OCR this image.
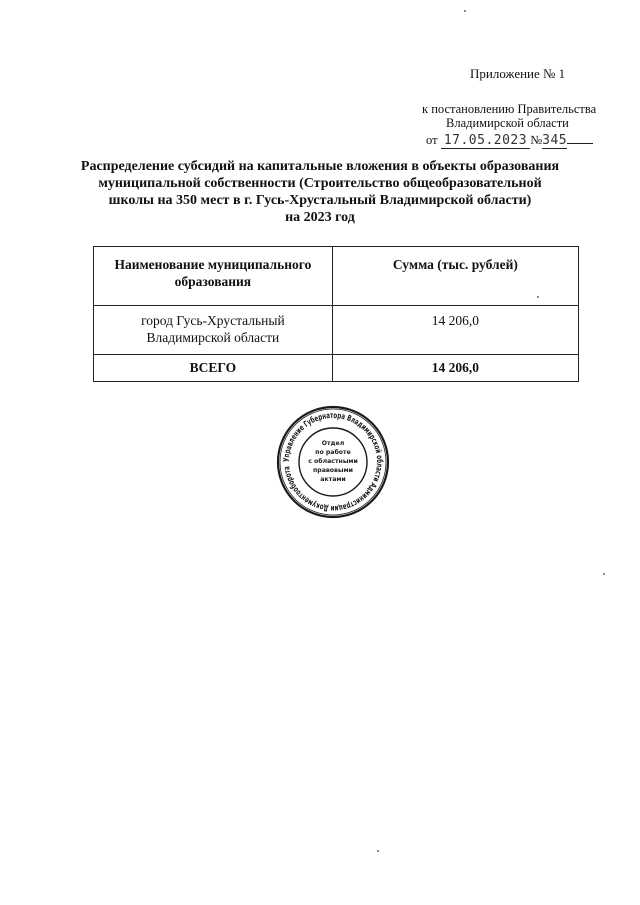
Приложение № 1
к постановлению Правительства
Владимирской области
от 17.05.2023 №345
Распределение субсидий на капитальные вложения в объекты образования
муниципальной собственности (Строительство общеобразовательной
школы на 350 мест в г. Гусь-Хрустальный Владимирской области)
на 2023 год
Наименование муниципального
образования	Сумма (тыс. рублей)

город Гусь-Хрустальный
Владимирской области	14 206,0

ВСЕГО	14 206,0
Управление Губернатора Владимирской области Администрации Документооборота
Отдел
по работе
с областными
правовыми
актами
